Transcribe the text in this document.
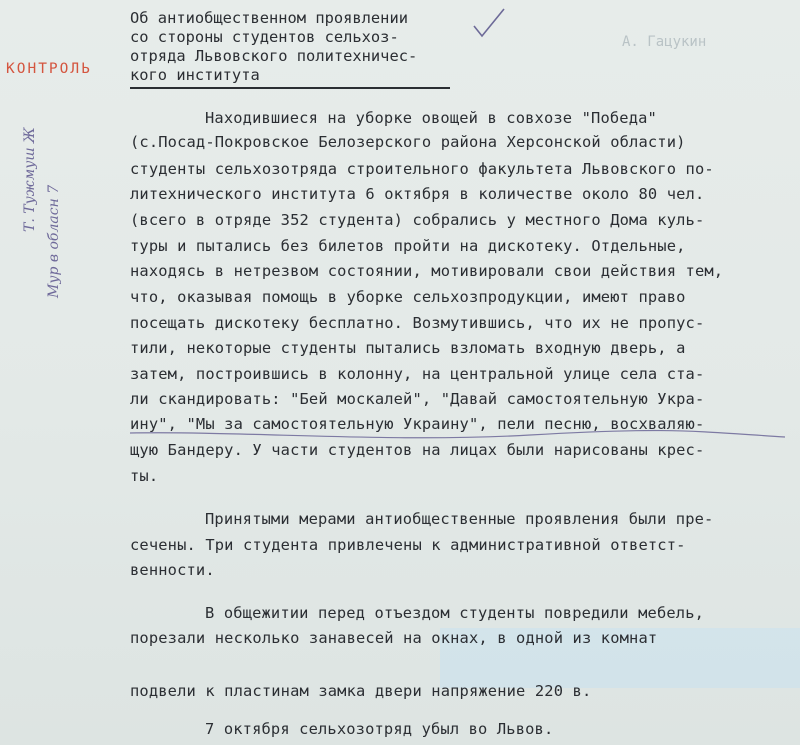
Об антиобщественном проявлении
со стороны студентов сельхоз-
отряда Львовского политехничес-
кого института
А. Гацукин
КОНТРОЛЬ
Т. Тужмуш Ж
Мур в обласн 7
Находившиеся на уборке овощей в совхозе "Победа"
(с.Посад-Покровское Белозерского района Херсонской области)
студенты сельхозотряда строительного факультета Львовского по-
литехнического института 6 октября в количестве около 80 чел.
(всего в отряде 352 студента) собрались у местного Дома куль-
туры и пытались без билетов пройти на дискотеку. Отдельные,
находясь в нетрезвом состоянии, мотивировали свои действия тем,
что, оказывая помощь в уборке сельхозпродукции, имеют право
посещать дискотеку бесплатно. Возмутившись, что их не пропус-
тили, некоторые студенты пытались взломать входную дверь, а
затем, построившись в колонну, на центральной улице села ста-
ли скандировать: "Бей москалей", "Давай самостоятельную Укра-
ину", "Мы за самостоятельную Украину", пели песню, восхваляю-
щую Бандеру. У части студентов на лицах были нарисованы крес-
ты.
Принятыми мерами антиобщественные проявления были пре-
сечены. Три студента привлечены к административной ответст-
венности.
В общежитии перед отъездом студенты повредили мебель,
порезали несколько занавесей на окнах, в одной из комнат
подвели к пластинам замка двери напряжение 220 в.
7 октября сельхозотряд убыл во Львов.
